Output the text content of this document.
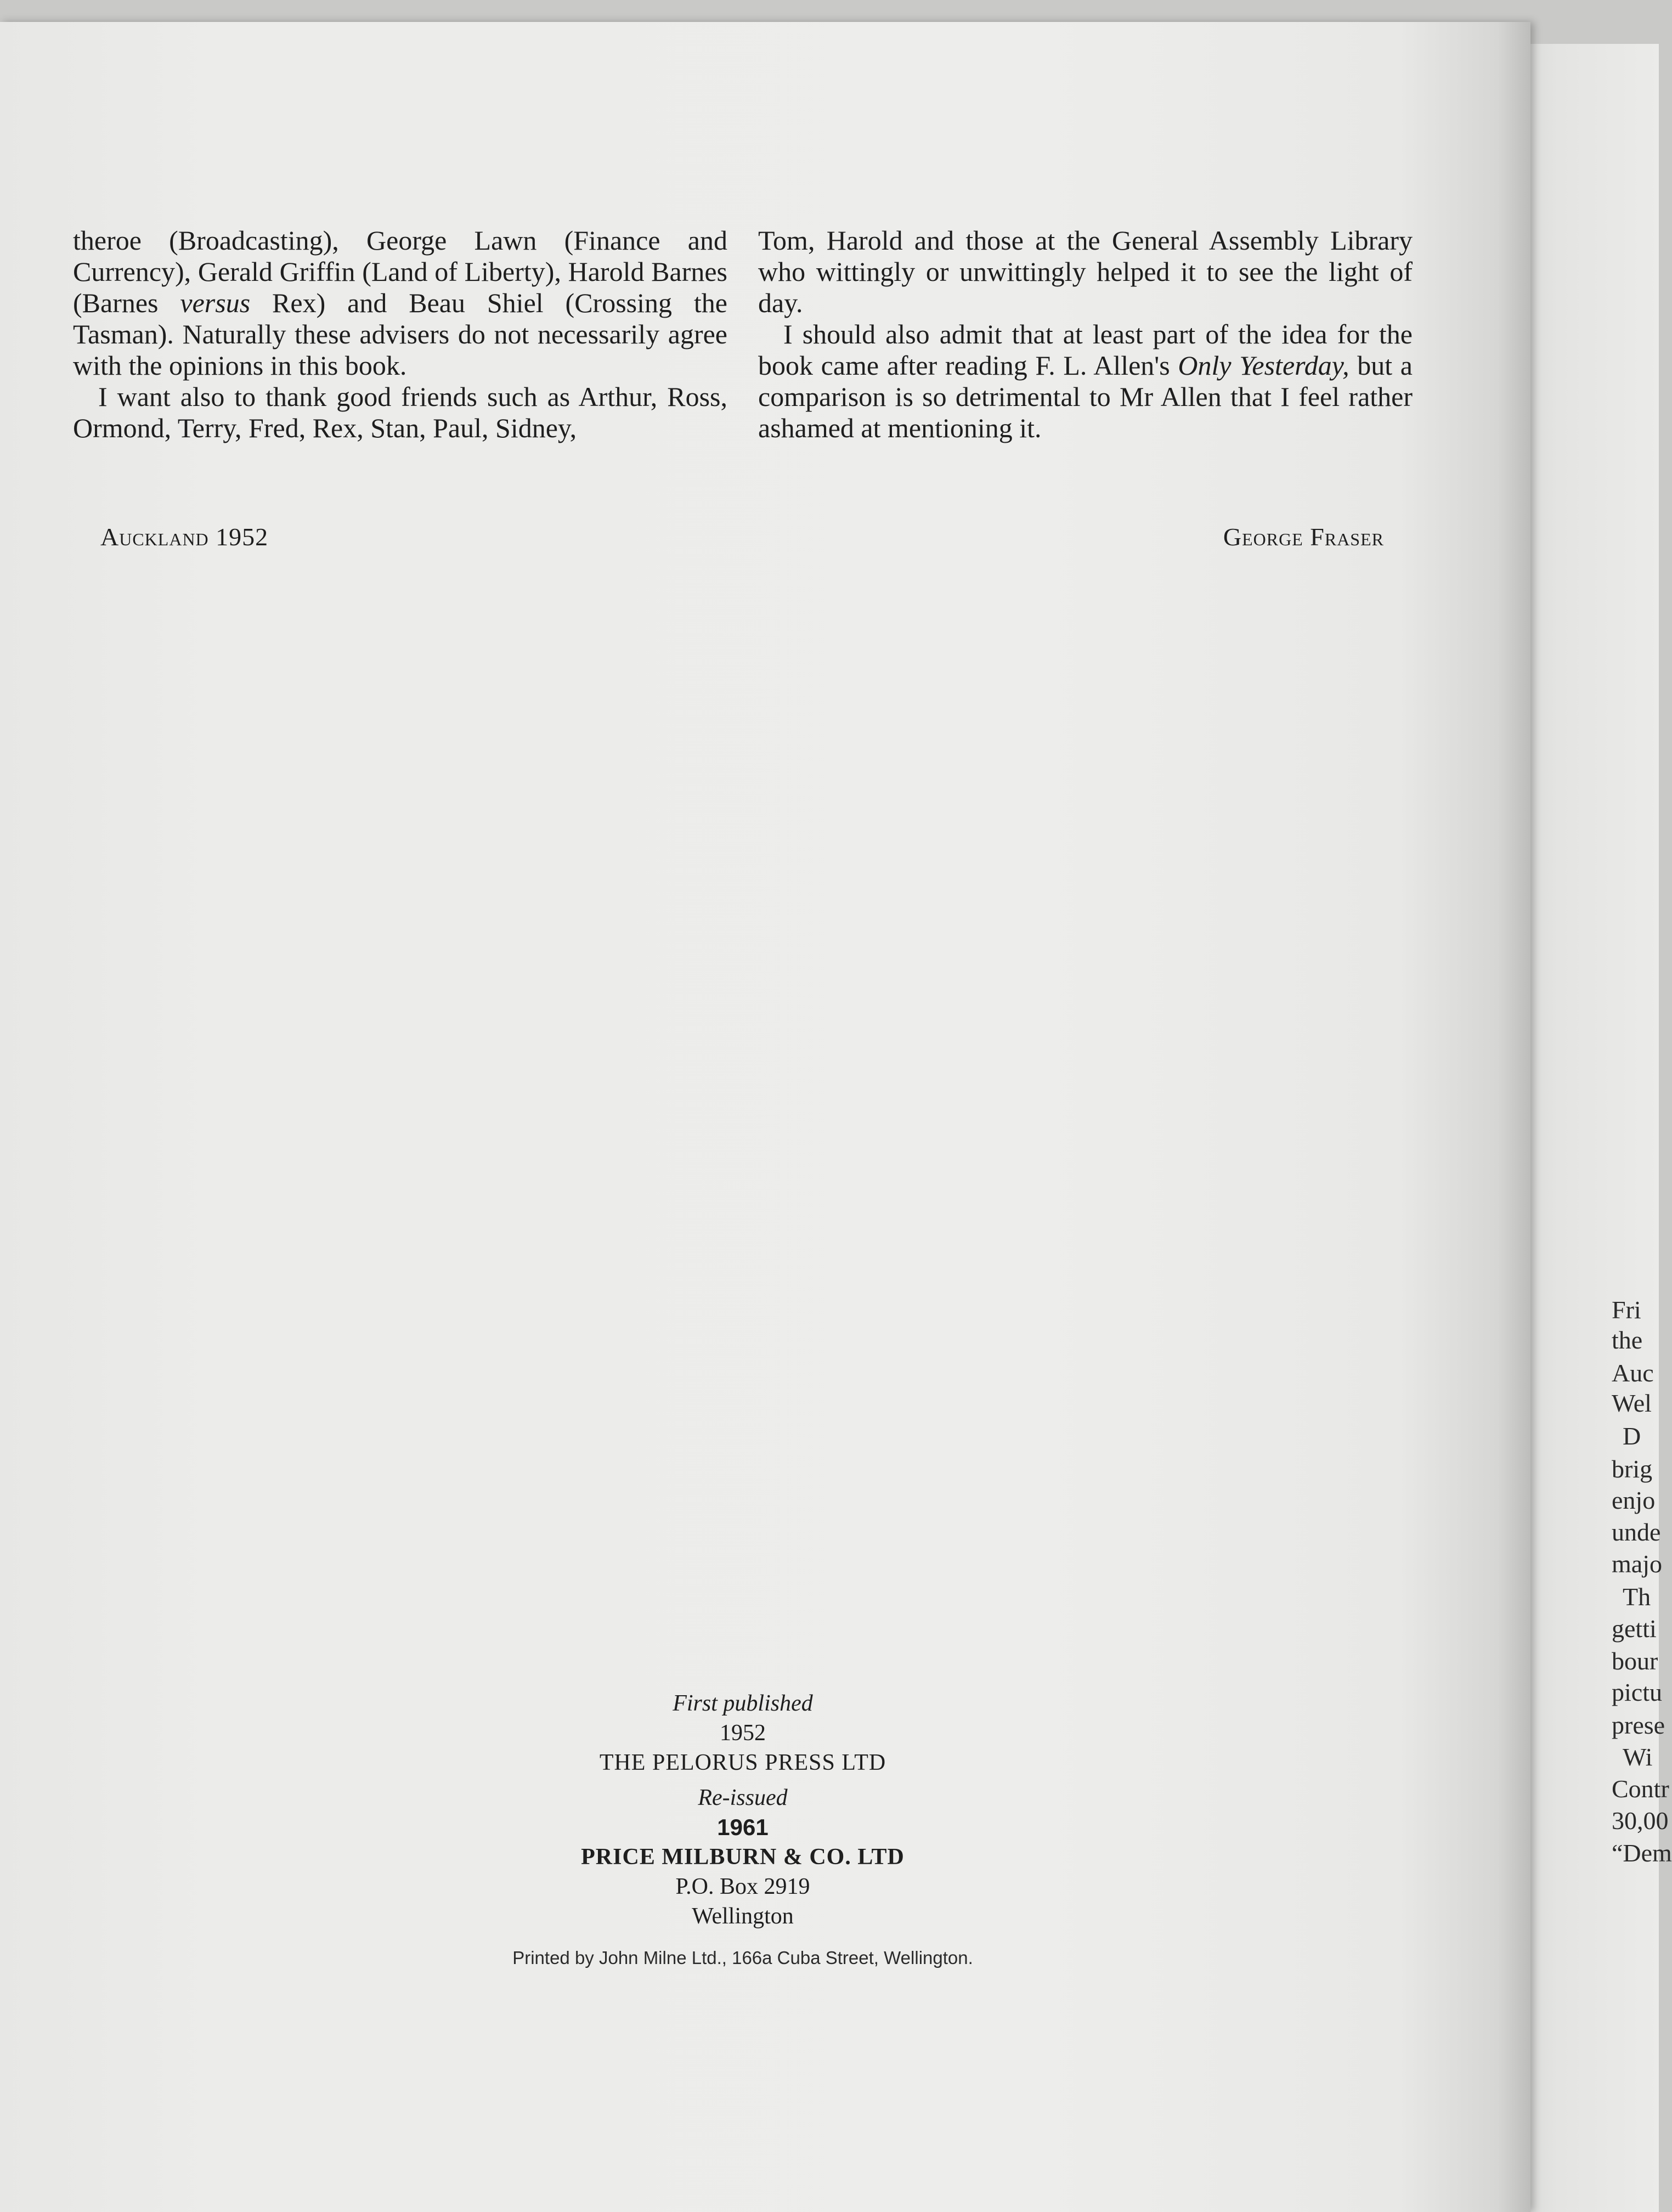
theroe (Broadcasting), George Lawn (Finance and Currency), Gerald Griffin (Land of Liberty), Harold Barnes (Barnes versus Rex) and Beau Shiel (Crossing the Tasman). Naturally these advisers do not necessarily agree with the opinions in this book.

I want also to thank good friends such as Arthur, Ross, Ormond, Terry, Fred, Rex, Stan, Paul, Sidney,

Tom, Harold and those at the General Assembly Library who wittingly or unwittingly helped it to see the light of day.

I should also admit that at least part of the idea for the book came after reading F. L. Allen's Only Yesterday, but a comparison is so detrimental to Mr Allen that I feel rather ashamed at mentioning it.

Auckland 1952	George Fraser
First published
1952
THE PELORUS PRESS LTD
Re-issued
1961
PRICE MILBURN & CO. LTD
P.O. Box 2919
Wellington
Printed by John Milne Ltd., 166a Cuba Street, Wellington.
Fri
the
Auc
Wel
D
brig
enjo
unde
majo
Th
getti
bour
pictu
prese
Wi
Contr
30,00
“Dem
